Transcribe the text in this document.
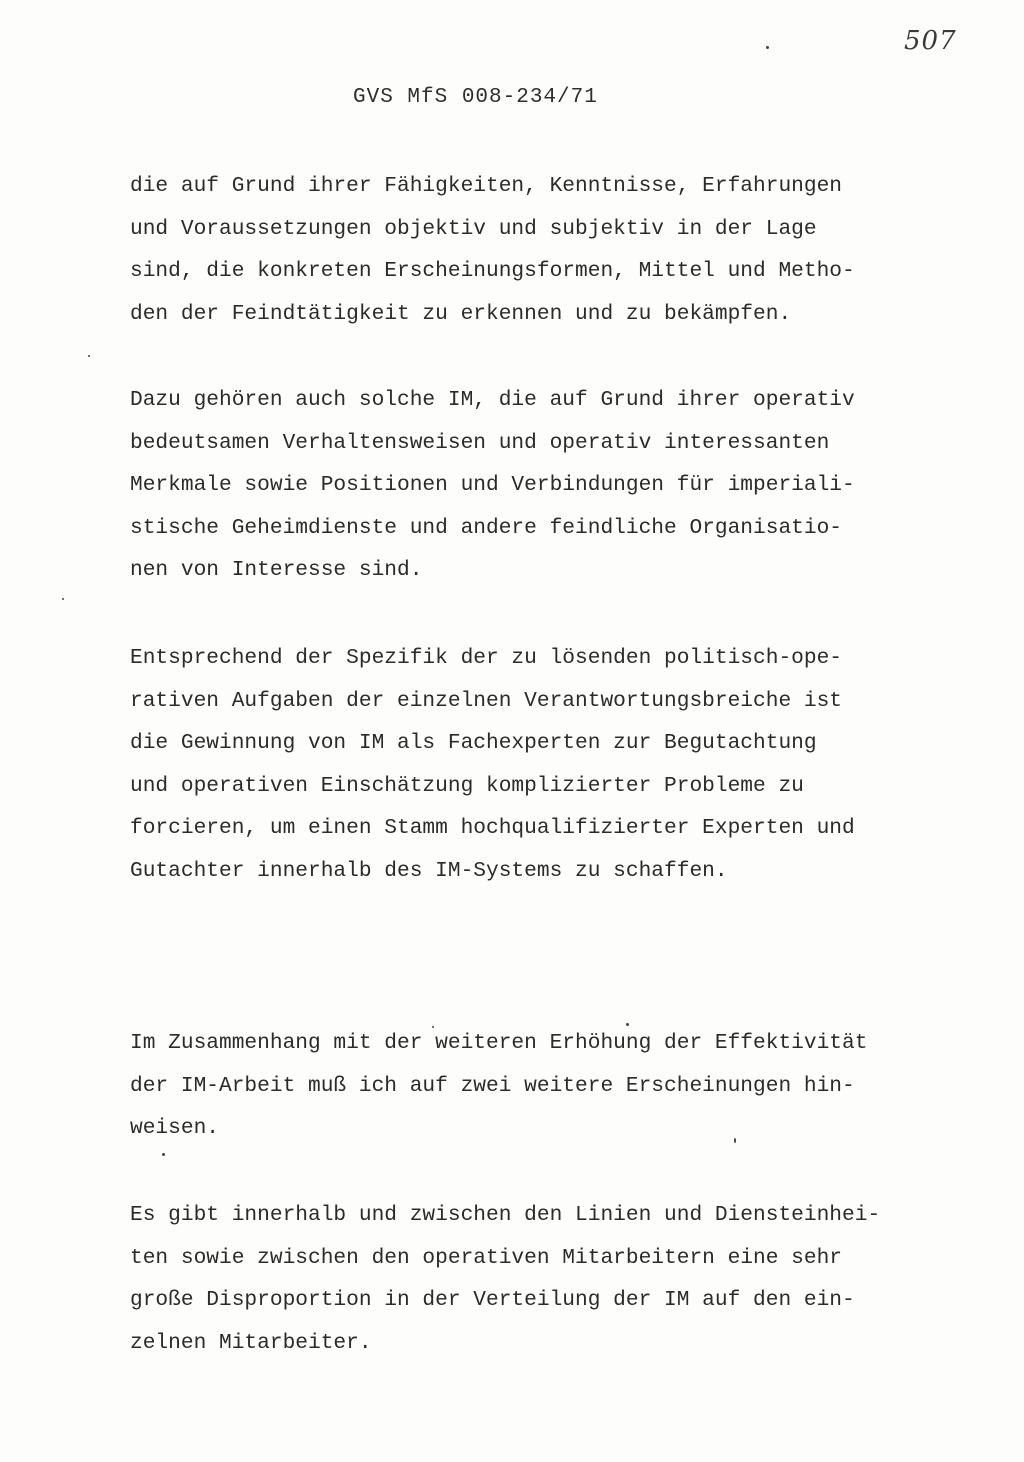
507
GVS MfS 008-234/71

die auf Grund ihrer Fähigkeiten, Kenntnisse, Erfahrungen
und Voraussetzungen objektiv und subjektiv in der Lage
sind, die konkreten Erscheinungsformen, Mittel und Metho-
den der Feindtätigkeit zu erkennen und zu bekämpfen.

Dazu gehören auch solche IM, die auf Grund ihrer operativ
bedeutsamen Verhaltensweisen und operativ interessanten
Merkmale sowie Positionen und Verbindungen für imperiali-
stische Geheimdienste und andere feindliche Organisatio-
nen von Interesse sind.

Entsprechend der Spezifik der zu lösenden politisch-ope-
rativen Aufgaben der einzelnen Verantwortungsbreiche ist
die Gewinnung von IM als Fachexperten zur Begutachtung
und operativen Einschätzung komplizierter Probleme zu
forcieren, um einen Stamm hochqualifizierter Experten und
Gutachter innerhalb des IM-Systems zu schaffen.

Im Zusammenhang mit der weiteren Erhöhung der Effektivität
der IM-Arbeit muß ich auf zwei weitere Erscheinungen hin-
weisen.

Es gibt innerhalb und zwischen den Linien und Diensteinhei-
ten sowie zwischen den operativen Mitarbeitern eine sehr
große Disproportion in der Verteilung der IM auf den ein-
zelnen Mitarbeiter.
